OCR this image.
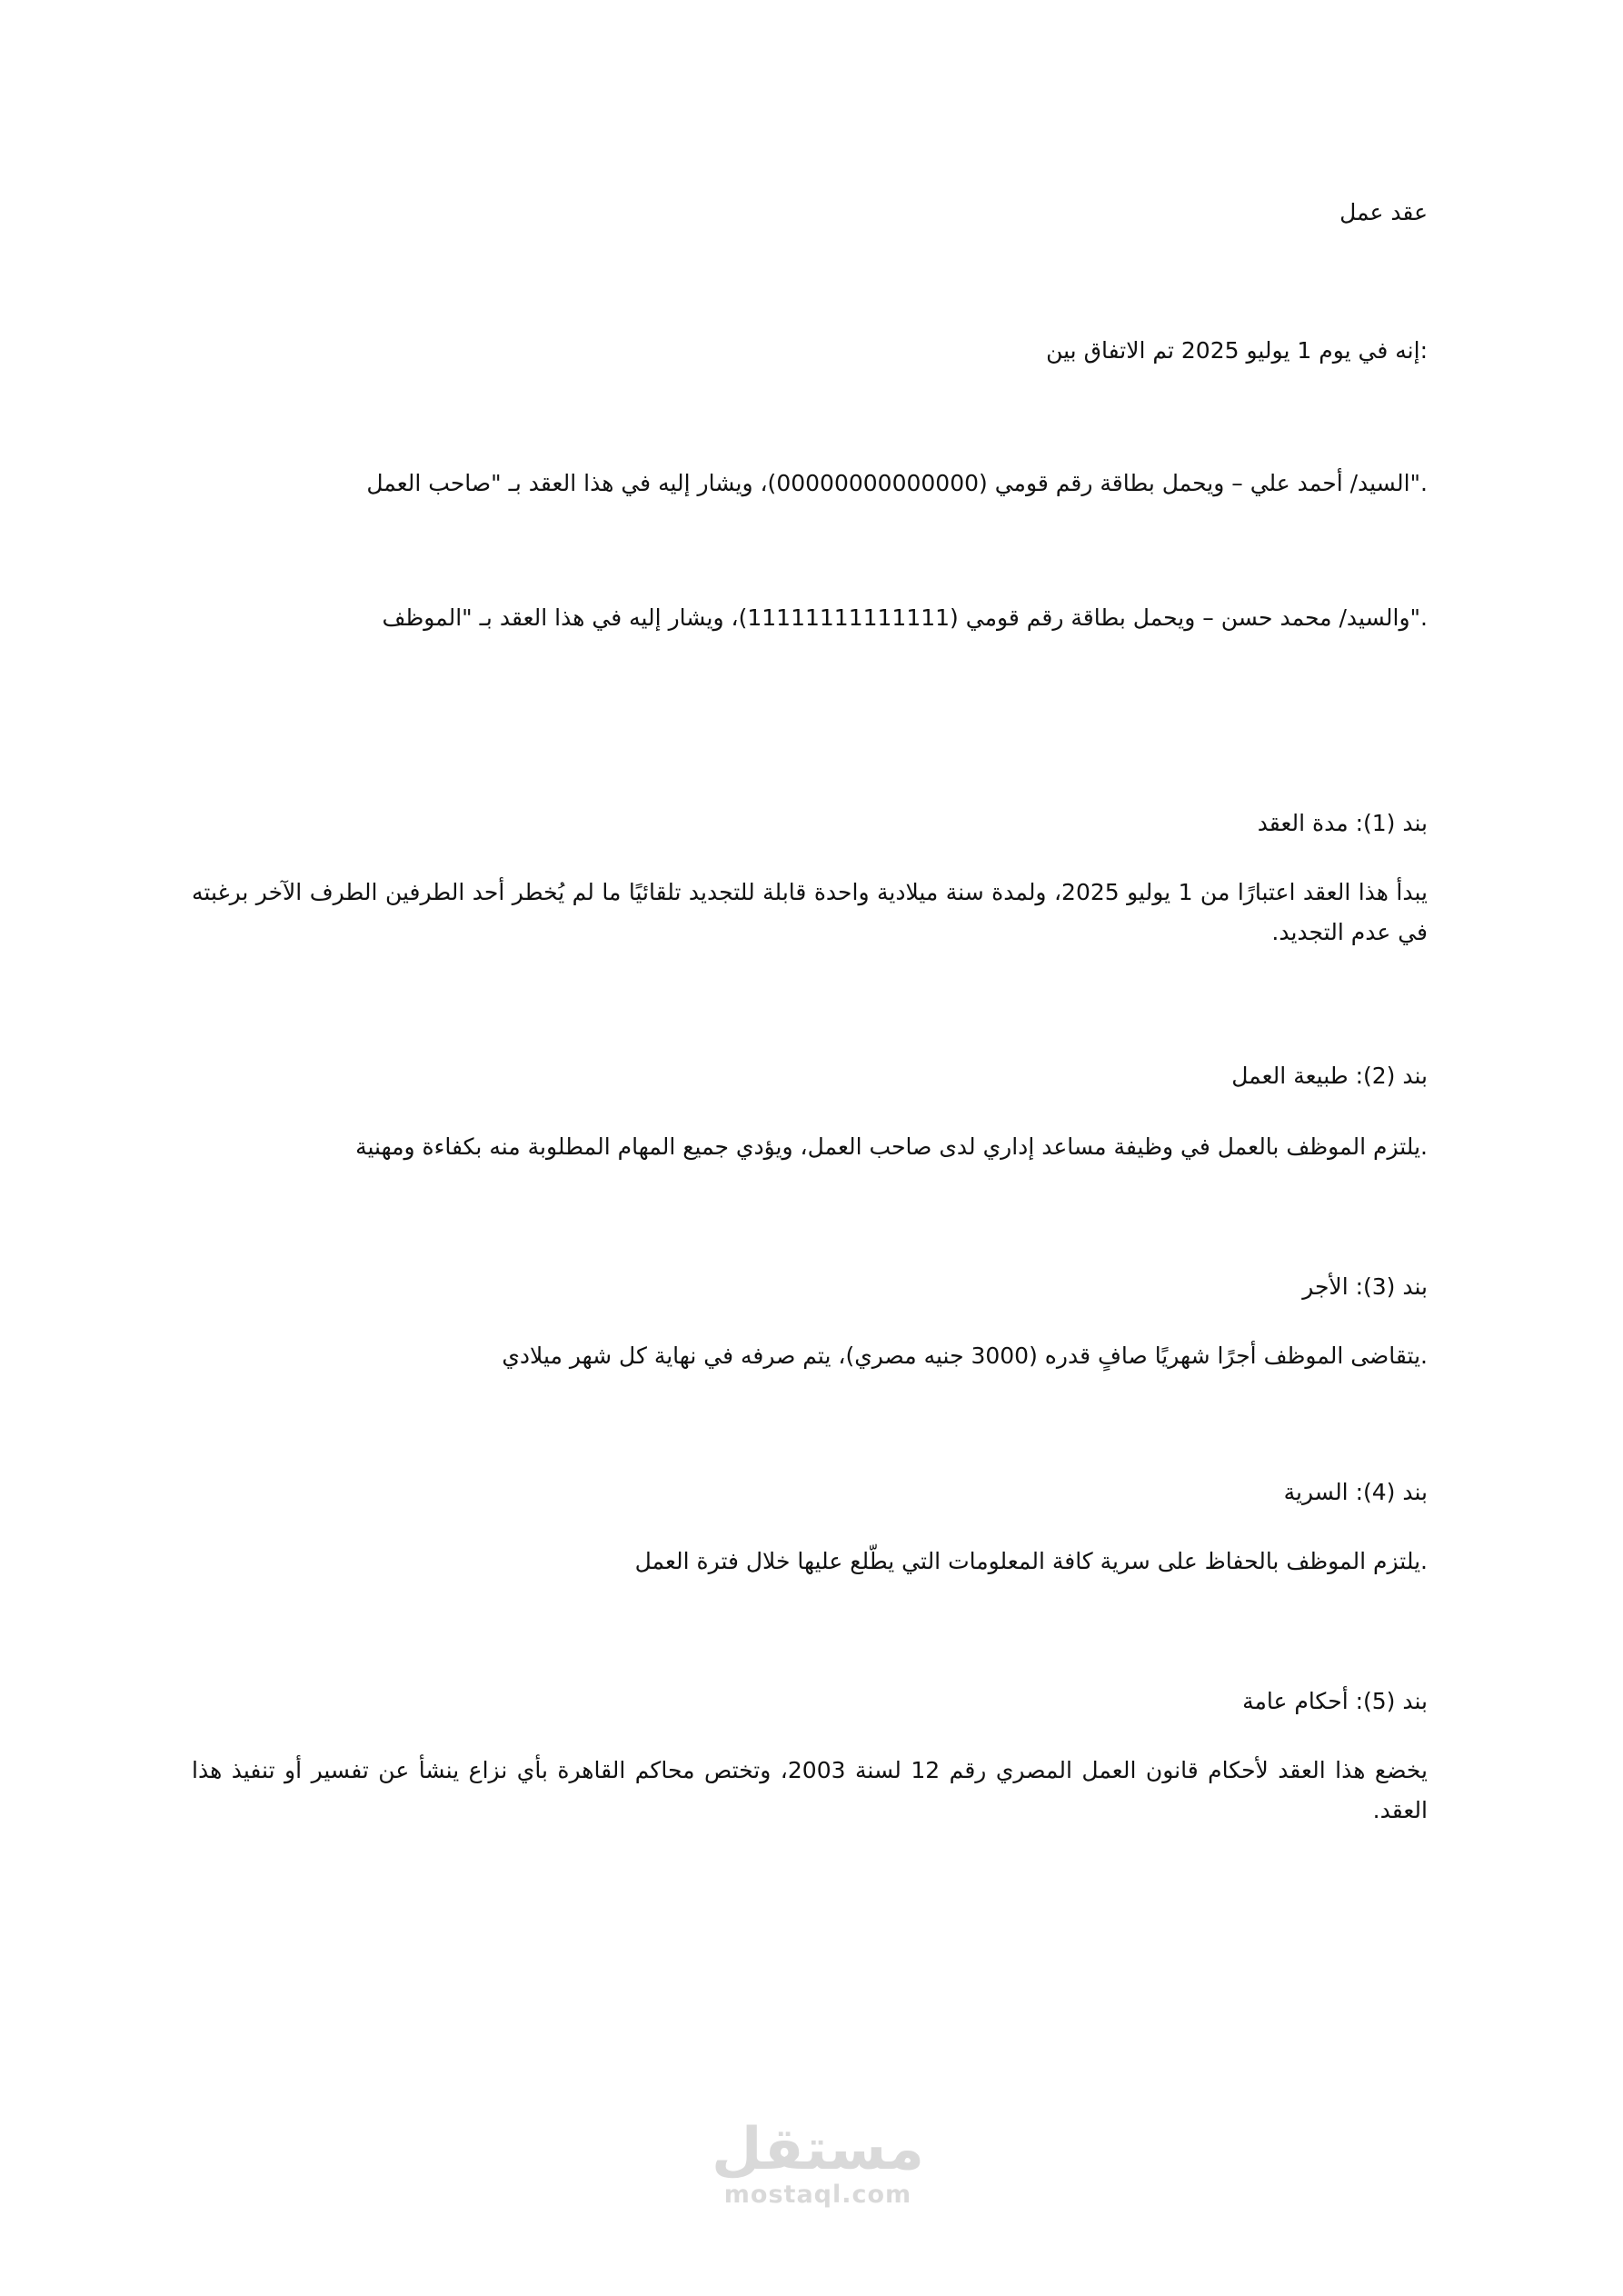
عقد عمل
:إنه في يوم 1 يوليو 2025 تم الاتفاق بين
."السيد/ أحمد علي – ويحمل بطاقة رقم قومي (00000000000000)، ويشار إليه في هذا العقد بـ "صاحب العمل
."والسيد/ محمد حسن – ويحمل بطاقة رقم قومي (11111111111111)، ويشار إليه في هذا العقد بـ "الموظف
بند (1): مدة العقد
يبدأ هذا العقد اعتبارًا من 1 يوليو 2025، ولمدة سنة ميلادية واحدة قابلة للتجديد تلقائيًا ما لم يُخطر أحد الطرفين الطرف الآخر برغبته في عدم التجديد.
بند (2): طبيعة العمل
.يلتزم الموظف بالعمل في وظيفة مساعد إداري لدى صاحب العمل، ويؤدي جميع المهام المطلوبة منه بكفاءة ومهنية
بند (3): الأجر
.يتقاضى الموظف أجرًا شهريًا صافٍ قدره (3000 جنيه مصري)، يتم صرفه في نهاية كل شهر ميلادي
بند (4): السرية
.يلتزم الموظف بالحفاظ على سرية كافة المعلومات التي يطّلع عليها خلال فترة العمل
بند (5): أحكام عامة
يخضع هذا العقد لأحكام قانون العمل المصري رقم 12 لسنة 2003، وتختص محاكم القاهرة بأي نزاع ينشأ عن تفسير أو تنفيذ هذا العقد.
مستقل
mostaql.com
